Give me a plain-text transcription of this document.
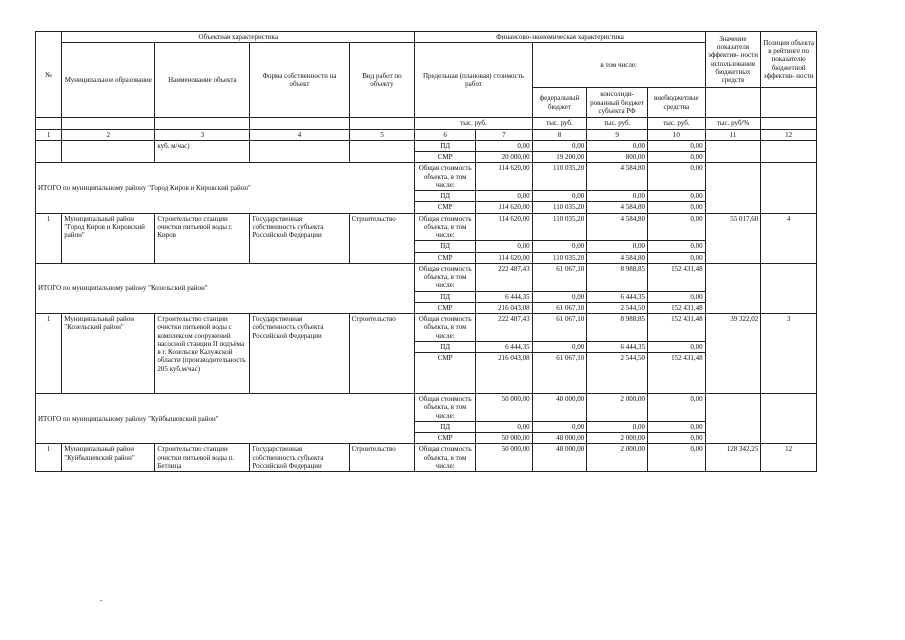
№	Объектная характеристика				Финансово-экономическая характеристика					Значение показателя эффектив- ности использования бюджетных средств	Позиция объекта в рейтинге по показателю бюджетной эффектив- ности
	Муниципальное образование	Наименование объекта	Форма собственности на объект	Вид работ по объекту	Предельная (плановая) стоимость работ		в том числе:				
							федеральный бюджет	консолиди- рованный бюджет субъекта РФ	внебюджетные средства		
					тыс. руб.		тыс. руб.	тыс. руб.	тыс. руб.	тыс. руб/%	
1	2	3	4	5	6	7	8	9	10	11	12
		куб. м/час)			ПД	0,00	0,00	0,00	0,00		
					СМР	20 000,00	19 200,00	800,00	0,00		
ИТОГО по муниципальному району "Город Киров и Кировский район"					Общая стоимость объекта, в том числе:	114 620,00	110 035,20	4 584,80	0,00		
					ПД	0,00	0,00	0,00	0,00		
					СМР	114 620,00	110 035,20	4 584,80	0,00		
1	Муниципальный район "Город Киров и Кировский район"	Строительство станции очистки питьевой воды г. Киров	Государственная собственность субъекта Российской Федерации	Строительство	Общая стоимость объекта, в том числе:	114 620,00	110 035,20	4 584,80	0,00	55 017,60	4
					ПД	0,00	0,00	0,00	0,00		
					СМР	114 620,00	110 035,20	4 584,80	0,00		
ИТОГО по муниципальному району "Козельский район"					Общая стоимость объекта, в том числе:	222 487,43	61 067,10	8 988,85	152 431,48		
					ПД	6 444,35	0,00	6 444,35	0,00		
					СМР	216 043,08	61 067,10	2 544,50	152 431,48		
1	Муниципальный район "Козельский район"	Строительство станции очистки питьевой воды с комплексом сооружений насосной станции II подъёма в г. Козельске Калужской области (производительность 205 куб.м/час)	Государственная собственность субъекта Российской Федерации	Строительство	Общая стоимость объекта, в том числе:	222 487,43	61 067,10	8 988,85	152 431,48	39 322,02	3
					ПД	6 444,35	0,00	6 444,35	0,00		
					СМР	216 043,08	61 067,10	2 544,50	152 431,48		
ИТОГО по муниципальному району "Куйбышевский район"					Общая стоимость объекта, в том числе:	50 000,00	48 000,00	2 000,00	0,00		
					ПД	0,00	0,00	0,00	0,00		
					СМР	50 000,00	48 000,00	2 000,00	0,00		
1	Муниципальный район "Куйбышевский район"	Строительство станции очистки питьевой воды п. Бетлица	Государственная собственность субъекта Российской Федерации	Строительство	Общая стоимость объекта, в том числе:	50 000,00	48 000,00	2 000,00	0,00	128 342,25	12
